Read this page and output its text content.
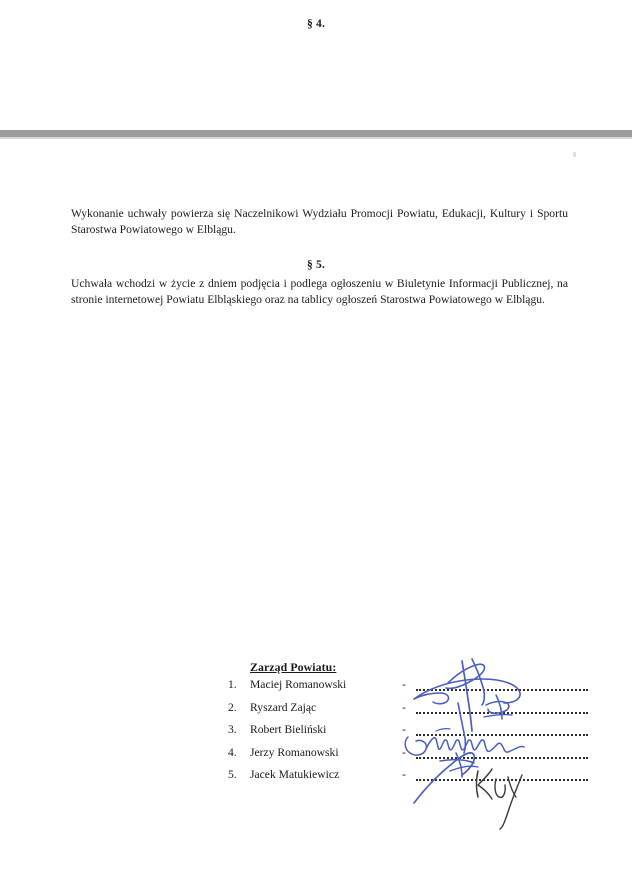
§ 4.
Wykonanie uchwały powierza się Naczelnikowi Wydziału Promocji Powiatu, Edukacji, Kultury i Sportu Starostwa Powiatowego w Elblągu.
§ 5.
Uchwała wchodzi w życie z dniem podjęcia i podlega ogłoszeniu w Biuletynie Informacji Publicznej, na stronie internetowej Powiatu Elbląskiego oraz na tablicy ogłoszeń Starostwa Powiatowego w Elblągu.
Zarząd Powiatu:
1.	Maciej Romanowski	-
2.	Ryszard Zając	-
3.	Robert Bieliński	-
4.	Jerzy Romanowski	-
5.	Jacek Matukiewicz	-
